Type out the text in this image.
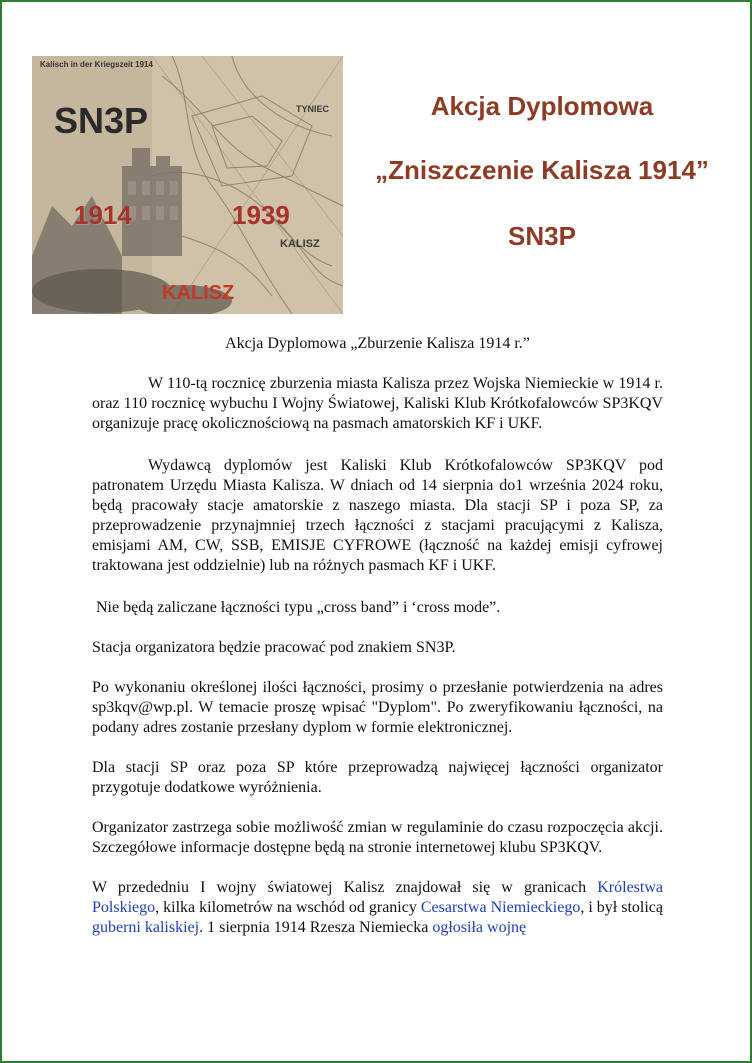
Kalisch in der Kriegszeit 1914
SN3P
1914	1939
KALISZ
TYNIEC
KALISZ
Akcja Dyplomowa
„Zniszczenie Kalisza 1914”
SN3P

Akcja Dyplomowa „Zburzenie Kalisza 1914 r.”

W 110-tą rocznicę zburzenia miasta Kalisza przez Wojska Niemieckie w 1914 r. oraz 110 rocznicę wybuchu I Wojny Światowej, Kaliski Klub Krótkofalowców SP3KQV organizuje pracę okolicznościową na pasmach amatorskich KF i UKF.

Wydawcą dyplomów jest Kaliski Klub Krótkofalowców SP3KQV pod patronatem Urzędu Miasta Kalisza. W dniach od 14 sierpnia do1 września 2024 roku, będą pracowały stacje amatorskie z naszego miasta. Dla stacji SP i poza SP, za przeprowadzenie przynajmniej trzech łączności z stacjami pracującymi z Kalisza, emisjami AM, CW, SSB, EMISJE CYFROWE (łączność na każdej emisji cyfrowej traktowana jest oddzielnie) lub na różnych pasmach KF i UKF.

Nie będą zaliczane łączności typu „cross band” i ‘cross mode”.

Stacja organizatora będzie pracować pod znakiem SN3P.

Po wykonaniu określonej ilości łączności, prosimy o przesłanie potwierdzenia na adres sp3kqv@wp.pl. W temacie proszę wpisać "Dyplom". Po zweryfikowaniu łączności, na podany adres zostanie przesłany dyplom w formie elektronicznej.

Dla stacji SP oraz poza SP które przeprowadzą najwięcej łączności organizator przygotuje dodatkowe wyróżnienia.

Organizator zastrzega sobie możliwość zmian w regulaminie do czasu rozpoczęcia akcji. Szczegółowe informacje dostępne będą na stronie internetowej klubu SP3KQV.

W przededniu I wojny światowej Kalisz znajdował się w granicach Królestwa Polskiego, kilka kilometrów na wschód od granicy Cesarstwa Niemieckiego, i był stolicą guberni kaliskiej. 1 sierpnia 1914 Rzesza Niemiecka ogłosiła wojnę
